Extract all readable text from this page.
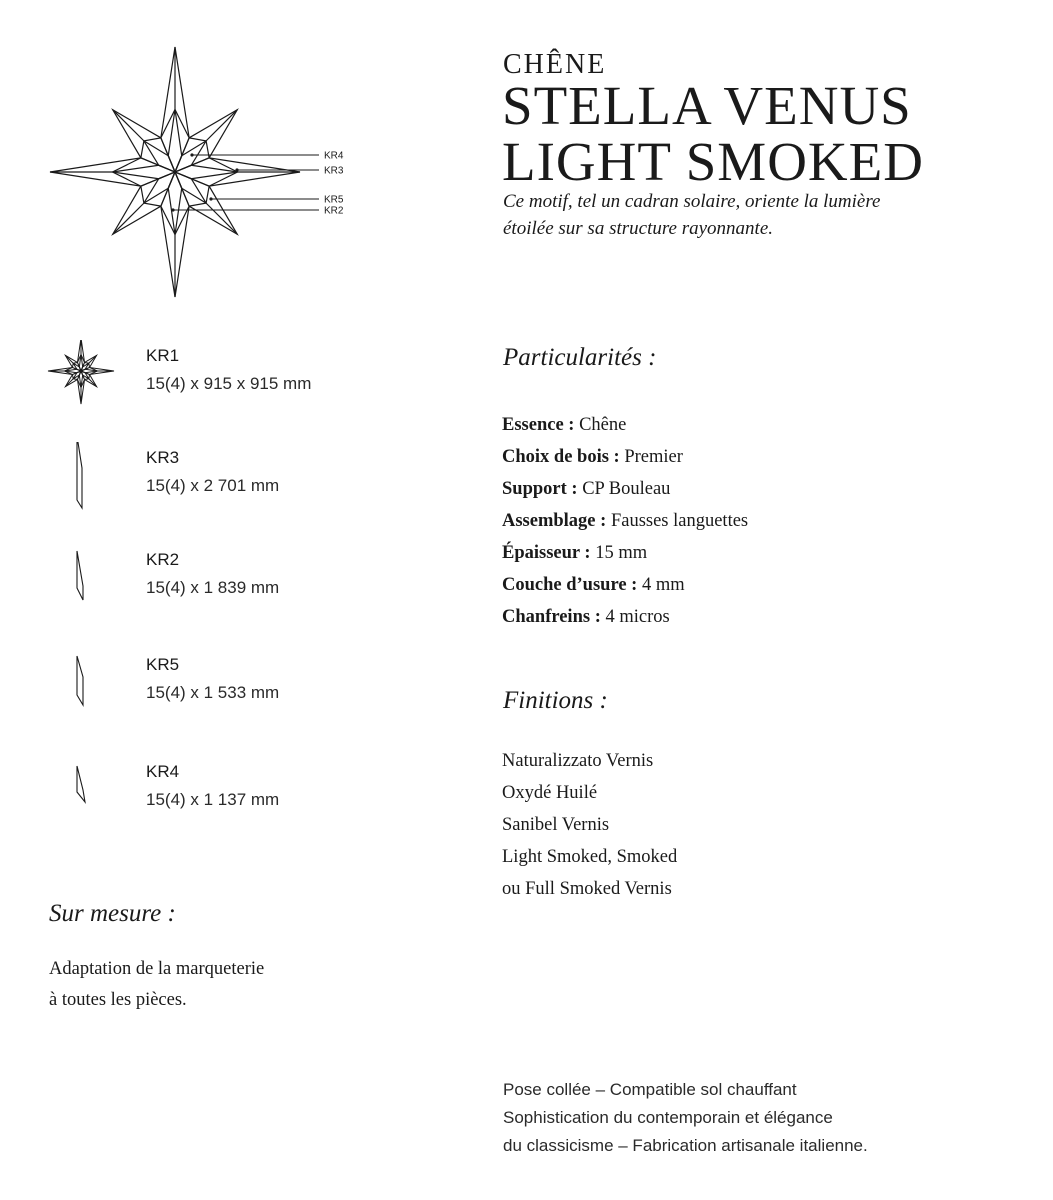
KR4
KR3
KR5
KR2
CHÊNE
STELLA VENUS
LIGHT SMOKED
Ce motif, tel un cadran solaire, oriente la lumière
étoilée sur sa structure rayonnante.
KR1
15(4) x 915 x 915 mm
KR3
15(4) x 2 701 mm
KR2
15(4) x 1 839 mm
KR5
15(4) x 1 533 mm
KR4
15(4) x 1 137 mm
Particularités :
Essence : Chêne
Choix de bois : Premier
Support : CP Bouleau
Assemblage : Fausses languettes
Épaisseur : 15 mm
Couche d’usure : 4 mm
Chanfreins : 4 micros
Finitions :
Naturalizzato Vernis
Oxydé Huilé
Sanibel Vernis
Light Smoked, Smoked
ou Full Smoked Vernis
Sur mesure :
Adaptation de la marqueterie
à toutes les pièces.
Pose collée – Compatible sol chauffant
Sophistication du contemporain et élégance
du classicisme – Fabrication artisanale italienne.
